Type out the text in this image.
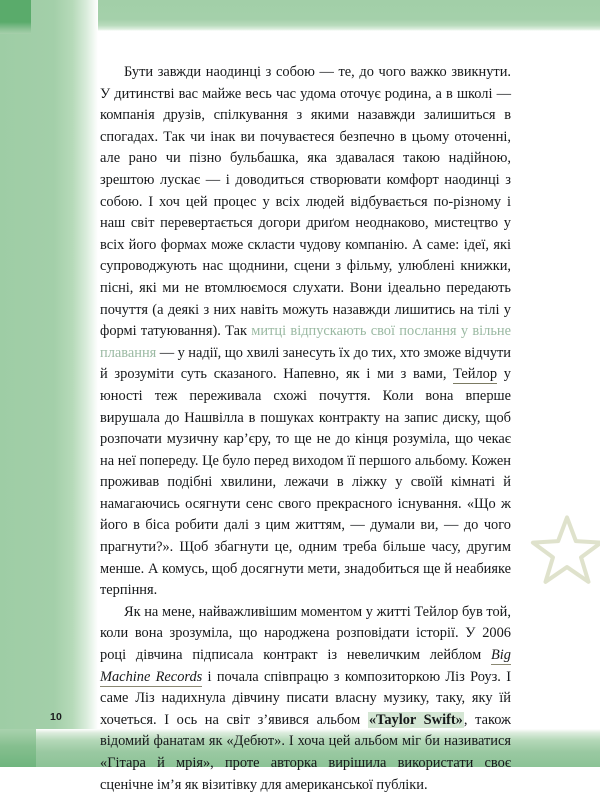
Бути завжди наодинці з собою — те, до чого важко звикнути. У дитинстві вас майже весь час удома оточує родина, а в школі — компанія друзів, спілкування з якими назавжди залишиться в спогадах. Так чи інак ви почуваєтеся безпечно в цьому оточенні, але рано чи пізно бульбашка, яка здавалася такою надійною, зрештою лускає — і доводиться створювати комфорт наодинці з собою. І хоч цей процес у всіх людей відбувається по-різному і наш світ перевертається догори дриґом неоднаково, мистецтво у всіх його формах може скласти чудову компанію. А саме: ідеї, які супроводжують нас щоднини, сцени з фільму, улюблені книжки, пісні, які ми не втомлюємося слухати. Вони ідеально передають почуття (а деякі з них навіть можуть назавжди лишитись на тілі у формі татуювання). Так митці відпускають свої послання у вільне плавання — у надії, що хвилі занесуть їх до тих, хто зможе відчути й зрозуміти суть сказаного. Напевно, як і ми з вами, Тейлор у юності теж переживала схожі почуття. Коли вона вперше вирушала до Нашвілла в пошуках контракту на запис диску, щоб розпочати музичну кар’єру, то ще не до кінця розуміла, що чекає на неї попереду. Це було перед виходом її першого альбому. Кожен проживав подібні хвилини, лежачи в ліжку у своїй кімнаті й намагаючись осягнути сенс свого прекрасного існування. «Що ж його в біса робити далі з цим життям, — думали ви, — до чого прагнути?». Щоб збагнути це, одним треба більше часу, другим менше. А комусь, щоб досягнути мети, знадобиться ще й неабияке терпіння.

Як на мене, найважливішим моментом у житті Тейлор був той, коли вона зрозуміла, що народжена розповідати історії. У 2006 році дівчина підписала контракт із невеличким лейблом Big Machine Records і почала співпрацю з композиторкою Ліз Роуз. І саме Ліз надихнула дівчину писати власну музику, таку, яку їй хочеться. І ось на світ з’явився альбом «Taylor Swift», також відомий фанатам як «Дебют». І хоча цей альбом міг би називатися «Гітара й мрія», проте авторка вирішила використати своє сценічне ім’я як візитівку для американської публіки.

10
